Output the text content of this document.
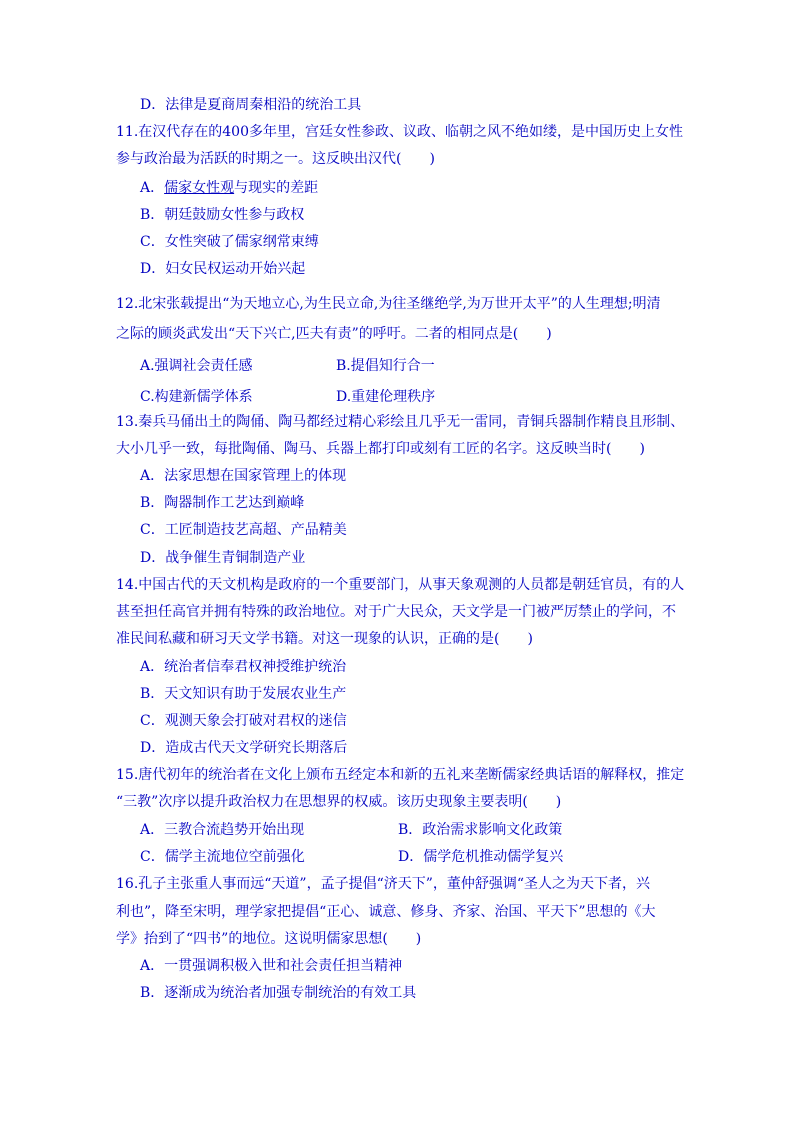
D．法律是夏商周秦相沿的统治工具
11.在汉代存在的400多年里，宫廷女性参政、议政、临朝之风不绝如缕，是中国历史上女性
参与政治最为活跃的时期之一。这反映出汉代(　　)
A．儒家女性观与现实的差距
B．朝廷鼓励女性参与政权
C．女性突破了儒家纲常束缚
D．妇女民权运动开始兴起
12.北宋张载提出“为天地立心,为生民立命,为往圣继绝学,为万世开太平”的人生理想;明清
之际的顾炎武发出“天下兴亡,匹夫有责”的呼吁。二者的相同点是(　　)
A.强调社会责任感	B.提倡知行合一
C.构建新儒学体系	D.重建伦理秩序
13.秦兵马俑出土的陶俑、陶马都经过精心彩绘且几乎无一雷同，青铜兵器制作精良且形制、
大小几乎一致，每批陶俑、陶马、兵器上都打印或刻有工匠的名字。这反映当时(　　)
A．法家思想在国家管理上的体现
B．陶器制作工艺达到巅峰
C．工匠制造技艺高超、产品精美
D．战争催生青铜制造产业
14.中国古代的天文机构是政府的一个重要部门，从事天象观测的人员都是朝廷官员，有的人
甚至担任高官并拥有特殊的政治地位。对于广大民众，天文学是一门被严厉禁止的学问，不
准民间私藏和研习天文学书籍。对这一现象的认识，正确的是(　　)
A．统治者信奉君权神授维护统治
B．天文知识有助于发展农业生产
C．观测天象会打破对君权的迷信
D．造成古代天文学研究长期落后
15.唐代初年的统治者在文化上颁布五经定本和新的五礼来垄断儒家经典话语的解释权，推定
“三教”次序以提升政治权力在思想界的权威。该历史现象主要表明(　　)
A．三教合流趋势开始出现	B．政治需求影响文化政策
C．儒学主流地位空前强化	D．儒学危机推动儒学复兴
16.孔子主张重人事而远“天道”，孟子提倡“济天下”，董仲舒强调“圣人之为天下者，兴
利也”，降至宋明，理学家把提倡“正心、诚意、修身、齐家、治国、平天下”思想的《大
学》抬到了“四书”的地位。这说明儒家思想(　　)
A．一贯强调积极入世和社会责任担当精神
B．逐渐成为统治者加强专制统治的有效工具
